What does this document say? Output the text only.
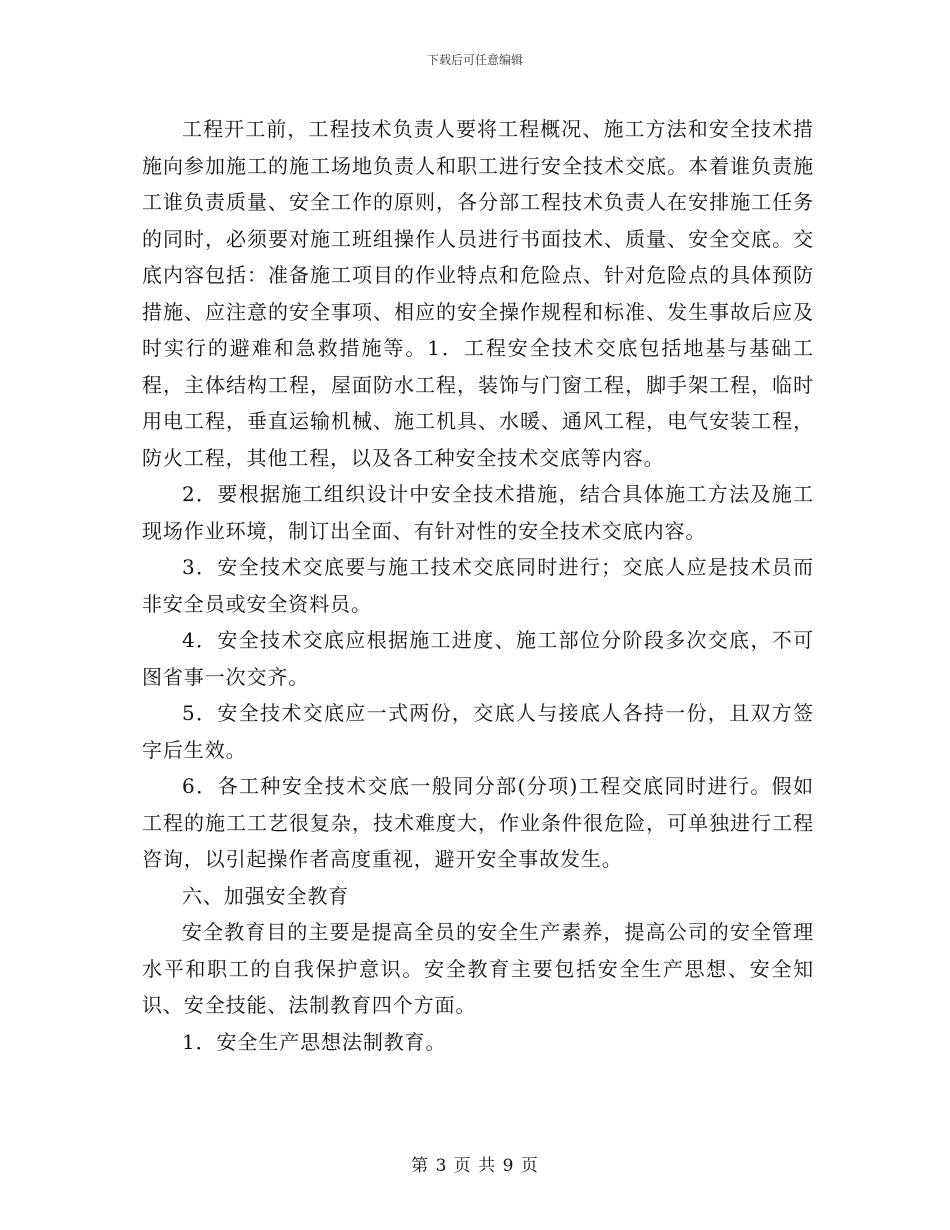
下载后可任意编辑

工程开工前，工程技术负责人要将工程概况、施工方法和安全技术措施向参加施工的施工场地负责人和职工进行安全技术交底。本着谁负责施工谁负责质量、安全工作的原则，各分部工程技术负责人在安排施工任务的同时，必须要对施工班组操作人员进行书面技术、质量、安全交底。交底内容包括：准备施工项目的作业特点和危险点、针对危险点的具体预防措施、应注意的安全事项、相应的安全操作规程和标准、发生事故后应及时实行的避难和急救措施等。1．工程安全技术交底包括地基与基础工程，主体结构工程，屋面防水工程，装饰与门窗工程，脚手架工程，临时用电工程，垂直运输机械、施工机具、水暖、通风工程，电气安装工程，防火工程，其他工程，以及各工种安全技术交底等内容。

2．要根据施工组织设计中安全技术措施，结合具体施工方法及施工现场作业环境，制订出全面、有针对性的安全技术交底内容。

3．安全技术交底要与施工技术交底同时进行；交底人应是技术员而非安全员或安全资料员。

4．安全技术交底应根据施工进度、施工部位分阶段多次交底，不可图省事一次交齐。

5．安全技术交底应一式两份，交底人与接底人各持一份，且双方签字后生效。

6．各工种安全技术交底一般同分部(分项)工程交底同时进行。假如工程的施工工艺很复杂，技术难度大，作业条件很危险，可单独进行工程咨询，以引起操作者高度重视，避开安全事故发生。

六、加强安全教育

安全教育目的主要是提高全员的安全生产素养，提高公司的安全管理水平和职工的自我保护意识。安全教育主要包括安全生产思想、安全知识、安全技能、法制教育四个方面。

1．安全生产思想法制教育。

第 3 页 共 9 页
